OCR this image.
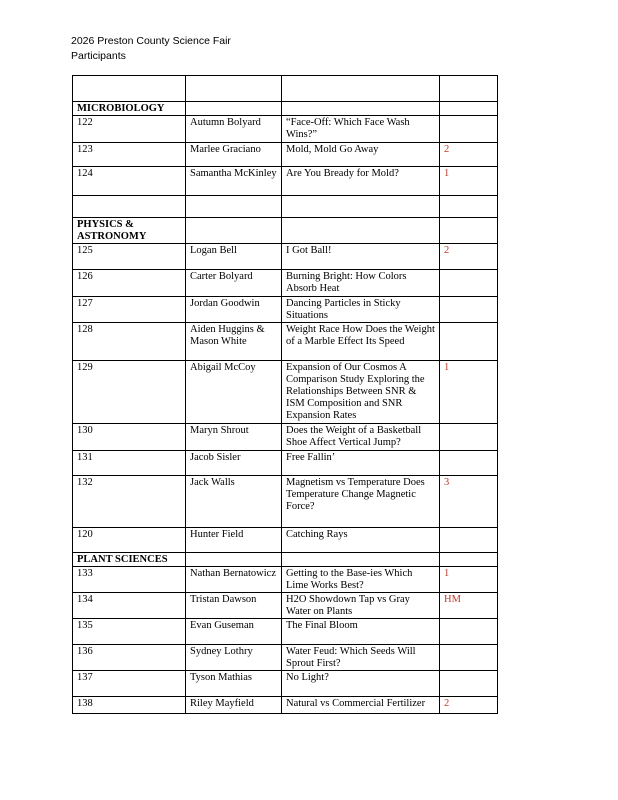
2026 Preston County Science Fair
Participants

MICROBIOLOGY			
122	Autumn Bolyard	“Face-Off: Which Face Wash Wins?”	
123	Marlee Graciano	Mold, Mold Go Away	2
124	Samantha McKinley	Are You Bready for Mold?	1

PHYSICS & ASTRONOMY			
125	Logan Bell	I Got Ball!	2
126	Carter Bolyard	Burning Bright: How Colors Absorb Heat	
127	Jordan Goodwin	Dancing Particles in Sticky Situations	
128	Aiden Huggins & Mason White	Weight Race How Does the Weight of a Marble Effect Its Speed	
129	Abigail McCoy	Expansion of Our Cosmos A Comparison Study Exploring the Relationships Between SNR & ISM Composition and SNR Expansion Rates	1
130	Maryn Shrout	Does the Weight of a Basketball Shoe Affect Vertical Jump?	
131	Jacob Sisler	Free Fallin’	
132	Jack Walls	Magnetism vs Temperature Does Temperature Change Magnetic Force?	3
120	Hunter Field	Catching Rays	
PLANT SCIENCES			
133	Nathan Bernatowicz	Getting to the Base-ies Which Lime Works Best?	1
134	Tristan Dawson	H2O Showdown Tap vs Gray Water on Plants	HM
135	Evan Guseman	The Final Bloom	
136	Sydney Lothry	Water Feud: Which Seeds Will Sprout First?	
137	Tyson Mathias	No Light?	
138	Riley Mayfield	Natural vs Commercial Fertilizer	2
